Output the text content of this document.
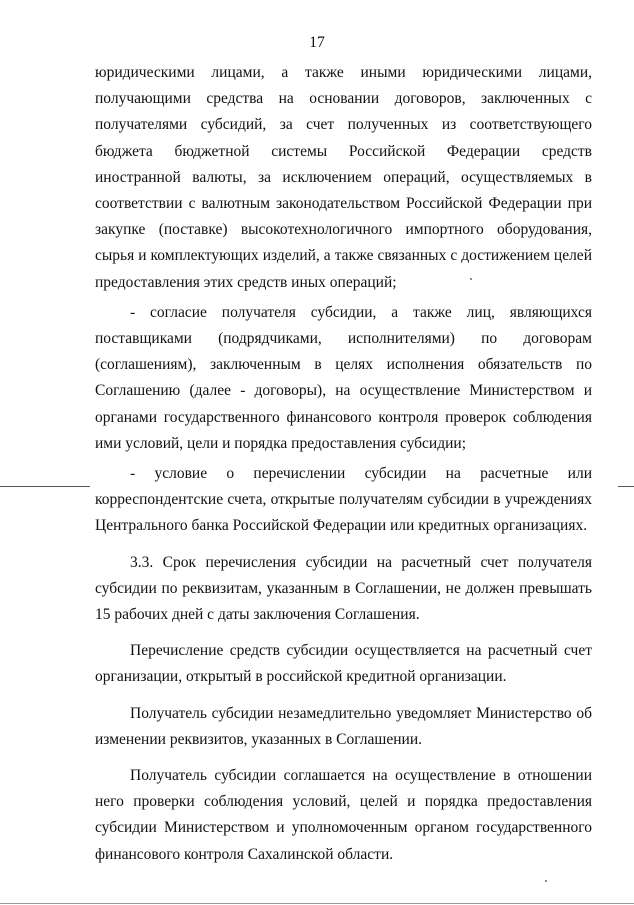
17

юридическими лицами, а также иными юридическими лицами, получающими средства на основании договоров, заключенных с получателями субсидий, за счет полученных из соответствующего бюджета бюджетной системы Российской Федерации средств иностранной валюты, за исключением операций, осуществляемых в соответствии с валютным законодательством Российской Федерации при закупке (поставке) высокотехнологичного импортного оборудования, сырья и комплектующих изделий, а также связанных с достижением целей предоставления этих средств иных операций;

- согласие получателя субсидии, а также лиц, являющихся поставщиками (подрядчиками, исполнителями) по договорам (соглашениям), заключенным в целях исполнения обязательств по Соглашению (далее - договоры), на осуществление Министерством и органами государственного финансового контроля проверок соблюдения ими условий, цели и порядка предоставления субсидии;

- условие о перечислении субсидии на расчетные или корреспондентские счета, открытые получателям субсидии в учреждениях Центрального банка Российской Федерации или кредитных организациях.

3.3. Срок перечисления субсидии на расчетный счет получателя субсидии по реквизитам, указанным в Соглашении, не должен превышать 15 рабочих дней с даты заключения Соглашения.

Перечисление средств субсидии осуществляется на расчетный счет организации, открытый в российской кредитной организации.

Получатель субсидии незамедлительно уведомляет Министерство об изменении реквизитов, указанных в Соглашении.

Получатель субсидии соглашается на осуществление в отношении него проверки соблюдения условий, целей и порядка предоставления субсидии Министерством и уполномоченным органом государственного финансового контроля Сахалинской области.
